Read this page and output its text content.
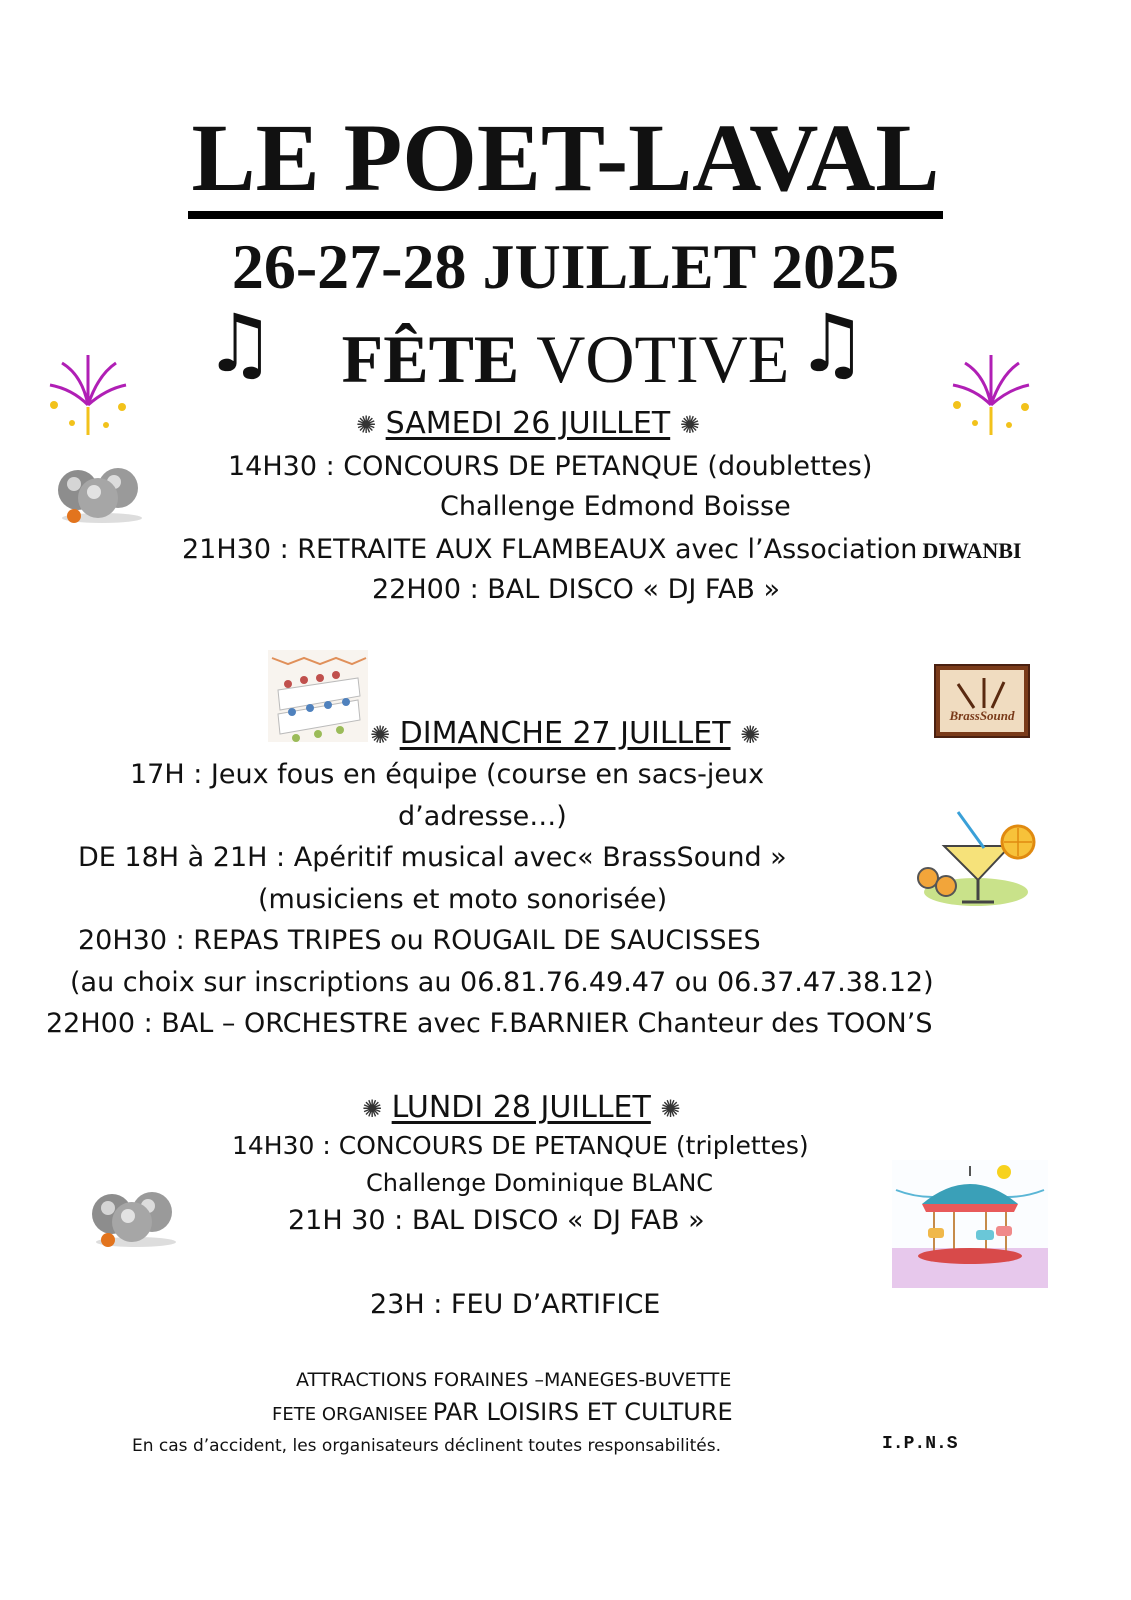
LE POET-LAVAL
26-27-28 JUILLET 2025
FÊTE VOTIVE
♫	♫
✺ SAMEDI 26 JUILLET ✺
14H30 : CONCOURS DE PETANQUE (doublettes)
Challenge Edmond Boisse
21H30 : RETRAITE AUX FLAMBEAUX avec l’Association DIWANBI
22H00 : BAL DISCO « DJ FAB »
BrassSound
✺ DIMANCHE 27 JUILLET ✺
17H : Jeux fous en équipe (course en sacs-jeux
d’adresse…)
DE 18H à 21H : Apéritif musical avec« BrassSound »
(musiciens et moto sonorisée)
20H30 : REPAS TRIPES ou ROUGAIL DE SAUCISSES
(au choix sur inscriptions au 06.81.76.49.47 ou 06.37.47.38.12)
22H00 : BAL – ORCHESTRE avec F.BARNIER Chanteur des TOON’S
✺ LUNDI 28 JUILLET ✺
14H30 : CONCOURS DE PETANQUE (triplettes)
Challenge Dominique BLANC
21H 30 : BAL DISCO « DJ FAB »
23H : FEU D’ARTIFICE
ATTRACTIONS FORAINES –MANEGES-BUVETTE
FETE ORGANISEE PAR LOISIRS ET CULTURE
En cas d’accident, les organisateurs déclinent toutes responsabilités.	I.P.N.S
